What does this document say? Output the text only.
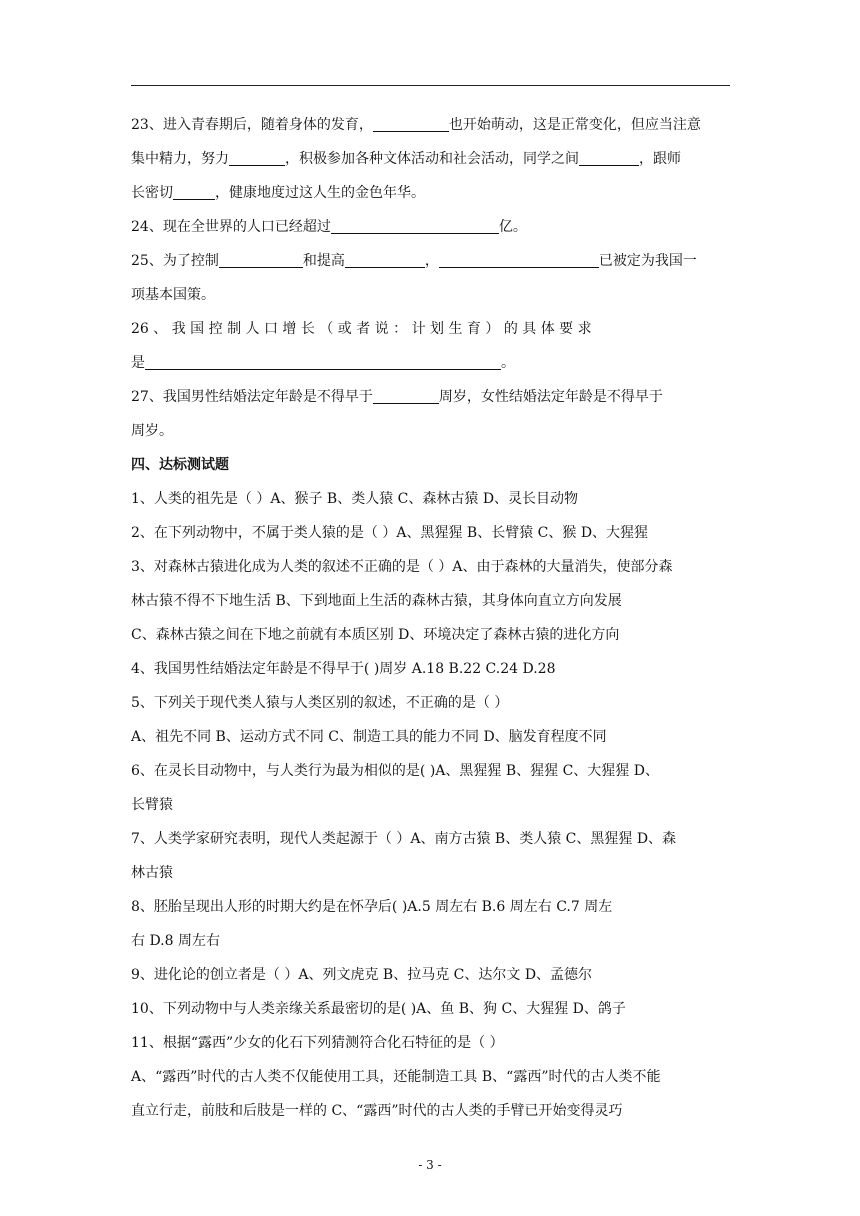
23、进入青春期后，随着身体的发育，	也开始萌动，这是正常变化，但应当注意
集中精力，努力	，积极参加各种文体活动和社会活动，同学之间	，跟师
长密切	，健康地度过这人生的金色年华。
24、现在全世界的人口已经超过	亿。
25、为了控制	和提高	，	已被定为我国一
项基本国策。
26 、 我 国 控 制 人 口 增 长 （ 或 者 说 ： 计 划 生 育 ） 的 具 体 要 求
是	。
27、我国男性结婚法定年龄是不得早于	周岁，女性结婚法定年龄是不得早于
周岁。
四、达标测试题
1、人类的祖先是（ ）A、猴子 B、类人猿 C、森林古猿 D、灵长目动物
2、在下列动物中，不属于类人猿的是（ ）A、黑猩猩 B、长臂猿 C、猴 D、大猩猩
3、对森林古猿进化成为人类的叙述不正确的是（ ）A、由于森林的大量消失，使部分森
林古猿不得不下地生活 B、下到地面上生活的森林古猿，其身体向直立方向发展
C、森林古猿之间在下地之前就有本质区别 D、环境决定了森林古猿的进化方向
4、我国男性结婚法定年龄是不得早于( )周岁 A.18 B.22 C.24 D.28
5、下列关于现代类人猿与人类区别的叙述，不正确的是（ ）
A、祖先不同 B、运动方式不同 C、制造工具的能力不同 D、脑发育程度不同
6、在灵长目动物中，与人类行为最为相似的是( )A、黑猩猩 B、猩猩 C、大猩猩 D、
长臂猿
7、人类学家研究表明，现代人类起源于（ ）A、南方古猿 B、类人猿 C、黑猩猩 D、森
林古猿
8、胚胎呈现出人形的时期大约是在怀孕后( )A.5 周左右 B.6 周左右 C.7 周左
右 D.8 周左右
9、进化论的创立者是（ ）A、列文虎克 B、拉马克 C、达尔文 D、孟德尔
10、下列动物中与人类亲缘关系最密切的是( )A、鱼 B、狗 C、大猩猩 D、鸽子
11、根据“露西”少女的化石下列猜测符合化石特征的是（ ）
A、“露西”时代的古人类不仅能使用工具，还能制造工具 B、“露西”时代的古人类不能
直立行走，前肢和后肢是一样的 C、“露西”时代的古人类的手臂已开始变得灵巧
- 3 -
